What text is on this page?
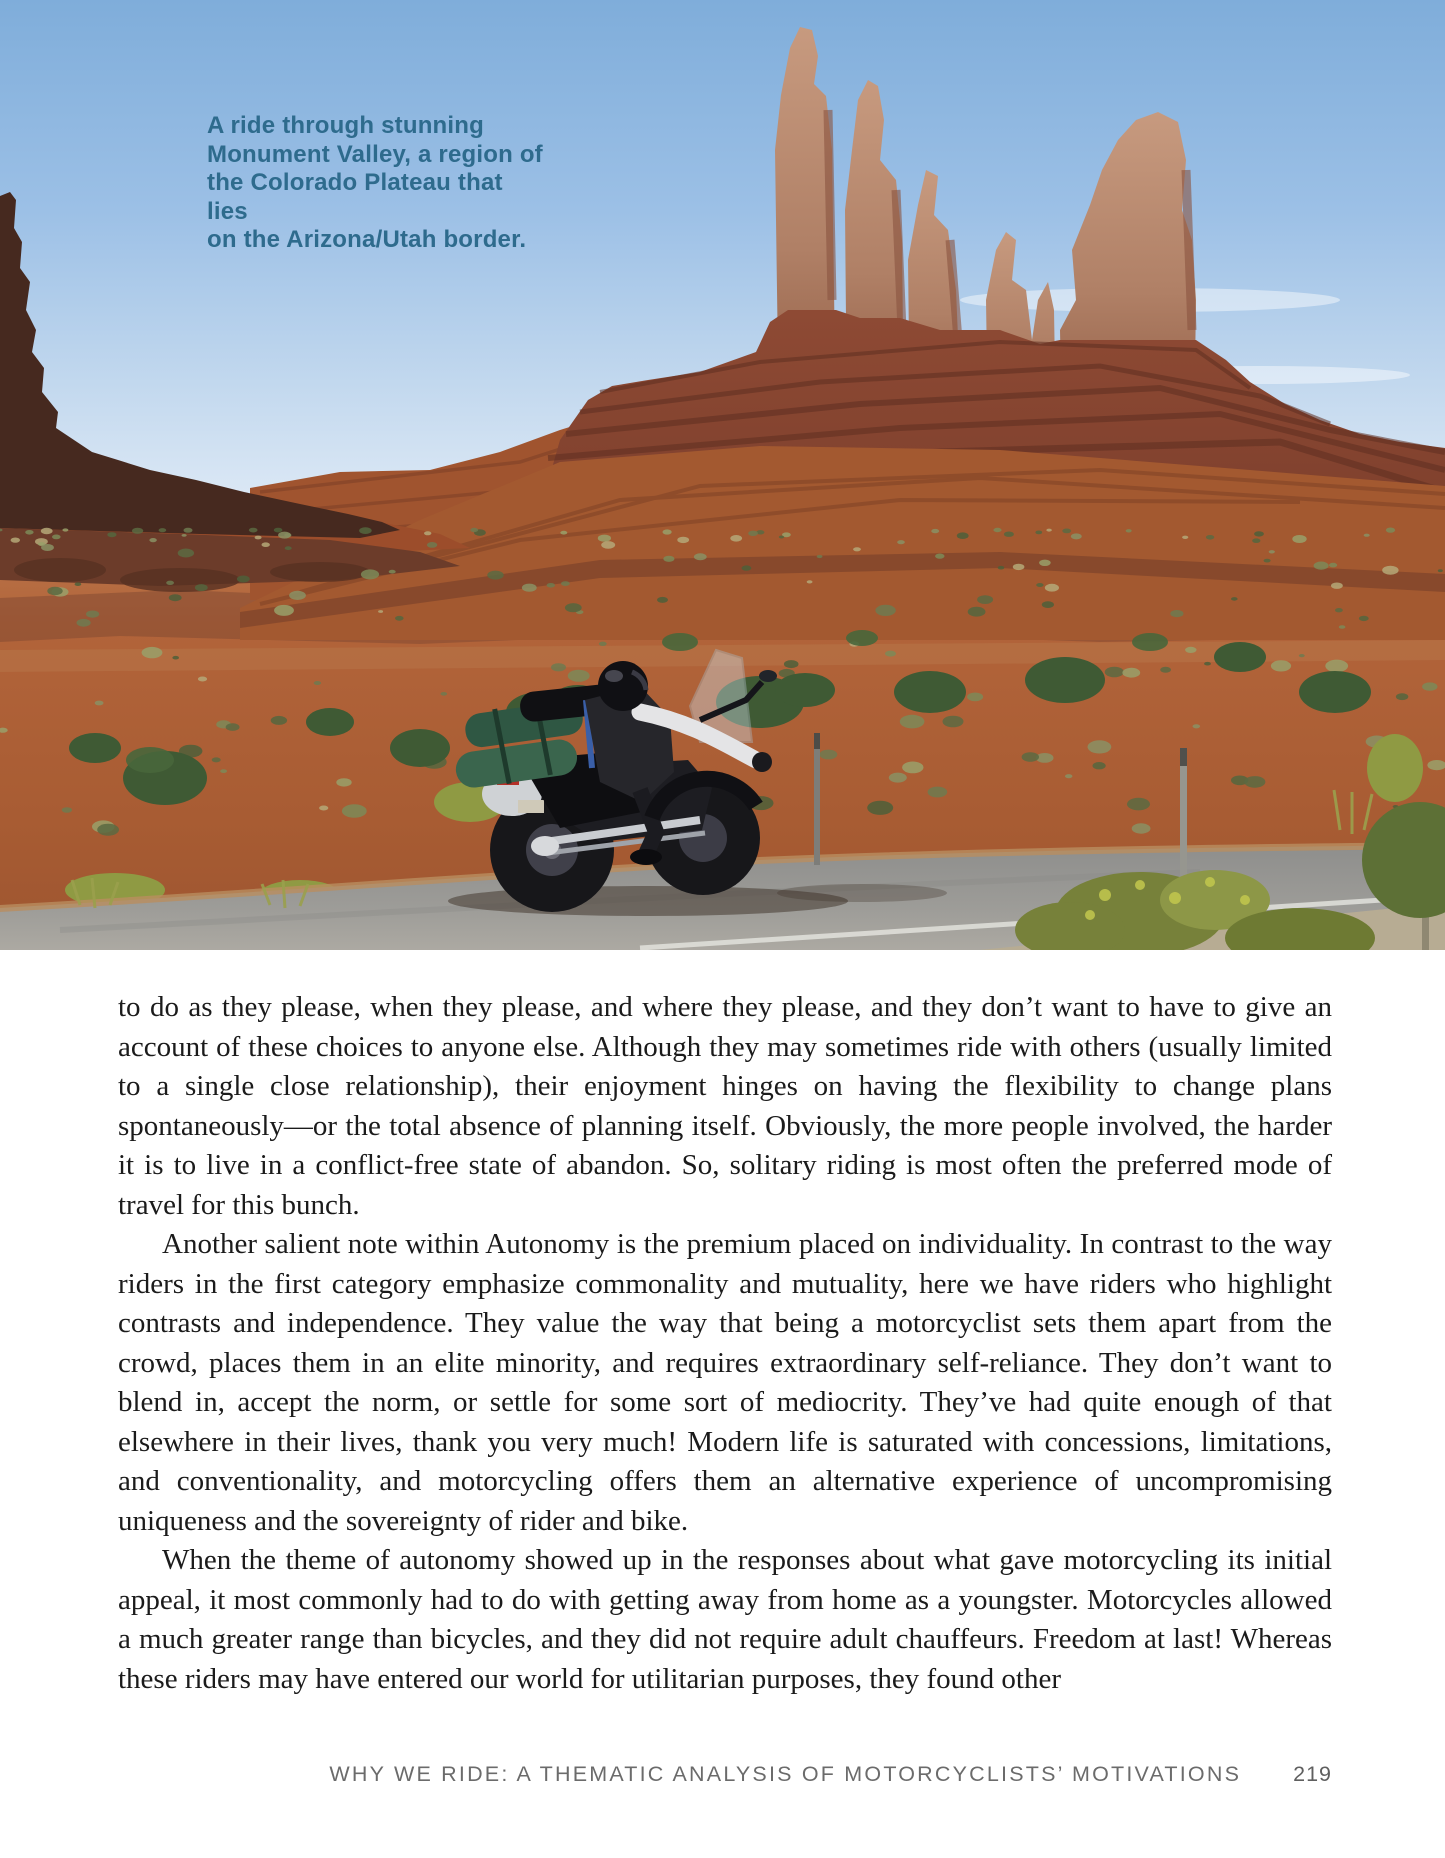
A ride through stunning
Monument Valley, a region of
the Colorado Plateau that lies
on the Arizona/Utah border.

to do as they please, when they please, and where they please, and they don’t want to have to give an account of these choices to anyone else. Although they may sometimes ride with others (usually limited to a single close relationship), their enjoyment hinges on having the flexibility to change plans spontaneously—or the total absence of planning itself. Obviously, the more people involved, the harder it is to live in a conflict-free state of abandon. So, solitary riding is most often the preferred mode of travel for this bunch.

Another salient note within Autonomy is the premium placed on individuality. In contrast to the way riders in the first category emphasize commonality and mutuality, here we have riders who highlight contrasts and independence. They value the way that being a motorcyclist sets them apart from the crowd, places them in an elite minority, and requires extraordinary self-reliance. They don’t want to blend in, accept the norm, or settle for some sort of mediocrity. They’ve had quite enough of that elsewhere in their lives, thank you very much! Modern life is saturated with concessions, limitations, and conventionality, and motorcycling offers them an alternative experience of uncompromising uniqueness and the sovereignty of rider and bike.

When the theme of autonomy showed up in the responses about what gave motorcycling its initial appeal, it most commonly had to do with getting away from home as a youngster. Motorcycles allowed a much greater range than bicycles, and they did not require adult chauffeurs. Freedom at last! Whereas these riders may have entered our world for utilitarian purposes, they found other

WHY WE RIDE: A THEMATIC ANALYSIS OF MOTORCYCLISTS’ MOTIVATIONS 219
